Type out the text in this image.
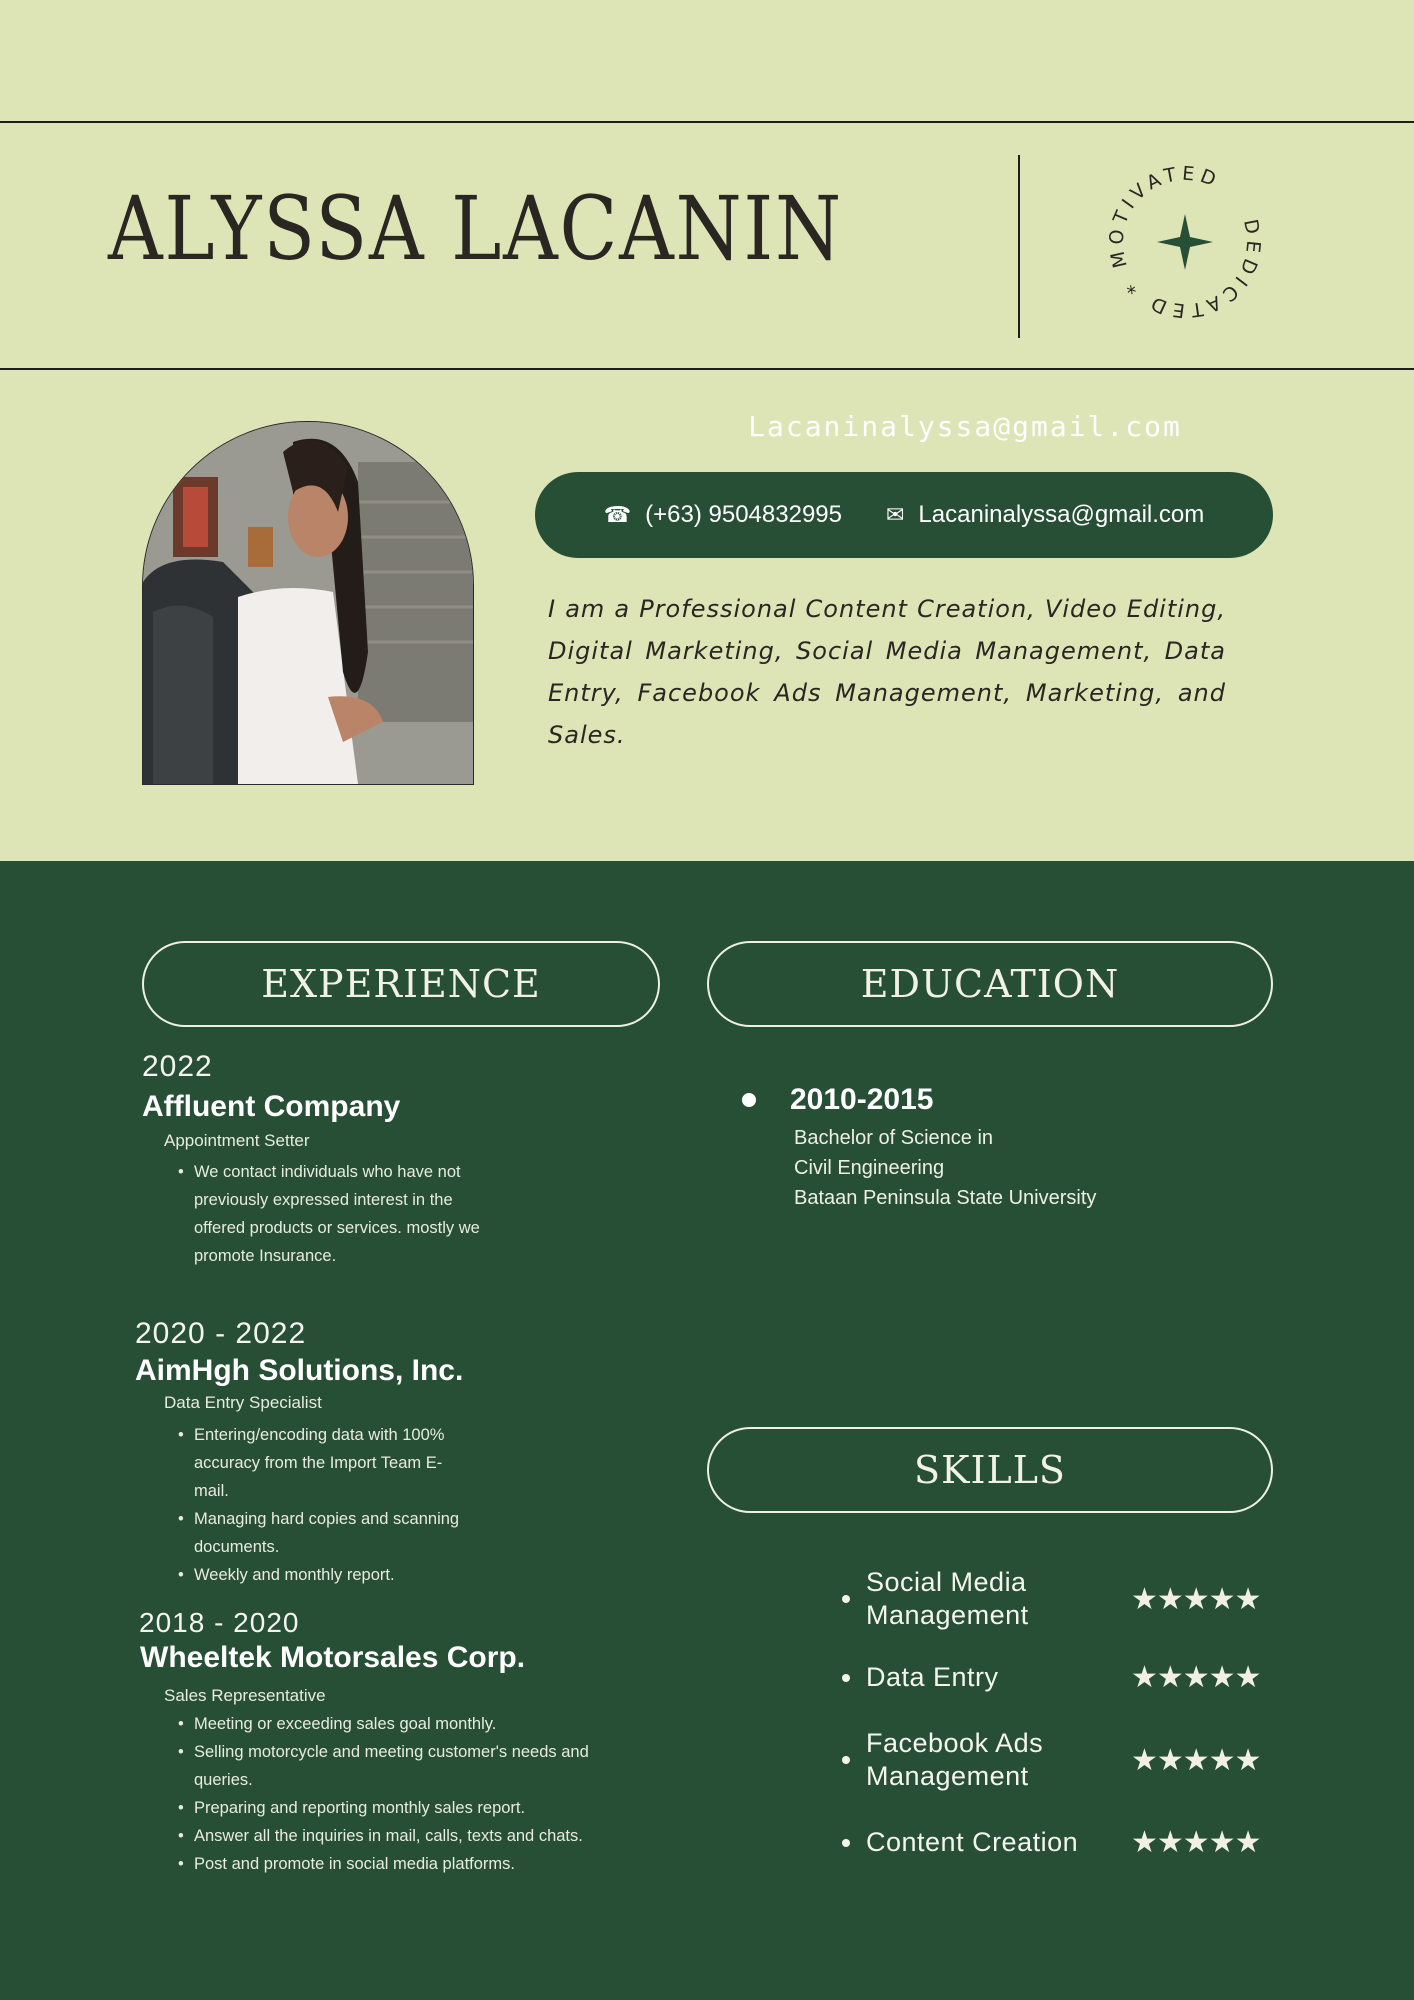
ALYSSA LACANIN	DEDICATED * MOTIVATED
Lacaninalyssa@gmail.com
☎ (+63) 9504832995 ✉ Lacaninalyssa@gmail.com
I am a Professional Content Creation, Video Editing, Digital Marketing, Social Media Management, Data Entry, Facebook Ads Management, Marketing, and Sales.
EXPERIENCE	EDUCATION
SKILLS
2022
Affluent Company
Appointment Setter
• We contact individuals who have not previously expressed interest in the offered products or services. mostly we promote Insurance.
2020 - 2022
AimHgh Solutions, Inc.
Data Entry Specialist
• Entering/encoding data with 100% accuracy from the Import Team E-mail.
• Managing hard copies and scanning documents.
• Weekly and monthly report.
2018 - 2020
Wheeltek Motorsales Corp.
Sales Representative
• Meeting or exceeding sales goal monthly.
• Selling motorcycle and meeting customer's needs and queries.
• Preparing and reporting monthly sales report.
• Answer all the inquiries in mail, calls, texts and chats.
• Post and promote in social media platforms.
2010-2015
Bachelor of Science in
Civil Engineering
Bataan Peninsula State University
Social Media Management	★★★★★
Data Entry	★★★★★
Facebook Ads Management	★★★★★
Content Creation	★★★★★
